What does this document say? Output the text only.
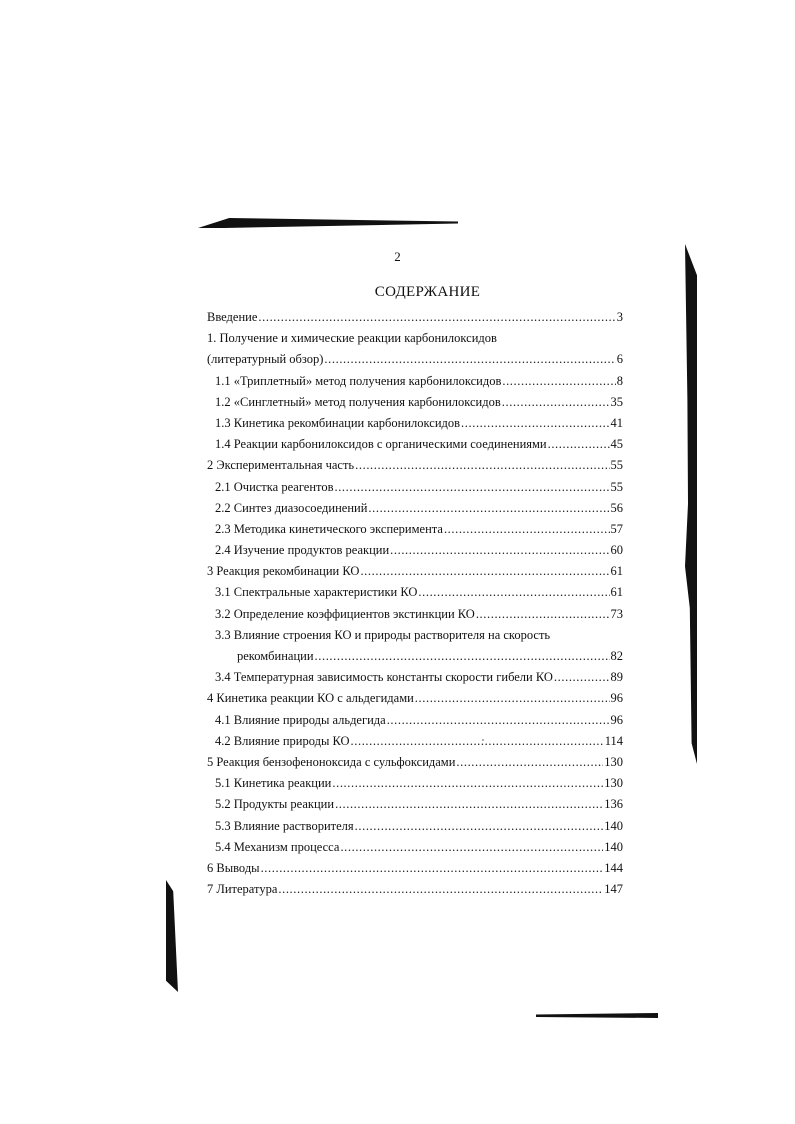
2
СОДЕРЖАНИЕ
Введение .....	3
1. Получение и химические реакции карбонилоксидов
(литературный обзор) .....	6
1.1 «Триплетный» метод получения карбонилоксидов .....	8
1.2 «Синглетный» метод получения карбонилоксидов .....	35
1.3 Кинетика рекомбинации карбонилоксидов .....	41
1.4 Реакции карбонилоксидов с органическими соединениями .....	45
2 Экспериментальная часть .....	55
2.1 Очистка реагентов .....	55
2.2 Синтез диазосоединений .....	56
2.3 Методика кинетического эксперимента .....	57
2.4 Изучение продуктов реакции .....	60
3 Реакция рекомбинации КО .....	61
3.1 Спектральные характеристики КО .....	61
3.2 Определение коэффициентов экстинкции КО .....	73
3.3 Влияние строения КО и природы растворителя на скорость
рекомбинации .....	82
3.4 Температурная зависимость константы скорости гибели КО .....	89
4 Кинетика реакции КО с альдегидами .....	96
4.1 Влияние природы альдегида .....	96
4.2 Влияние природы КО .....	114
5 Реакция бензофеноноксида с сульфоксидами .....	130
5.1 Кинетика реакции .....	130
5.2 Продукты реакции .....	136
5.3 Влияние растворителя .....	140
5.4 Механизм процесса .....	140
6 Выводы .....	144
7 Литература .....	147
